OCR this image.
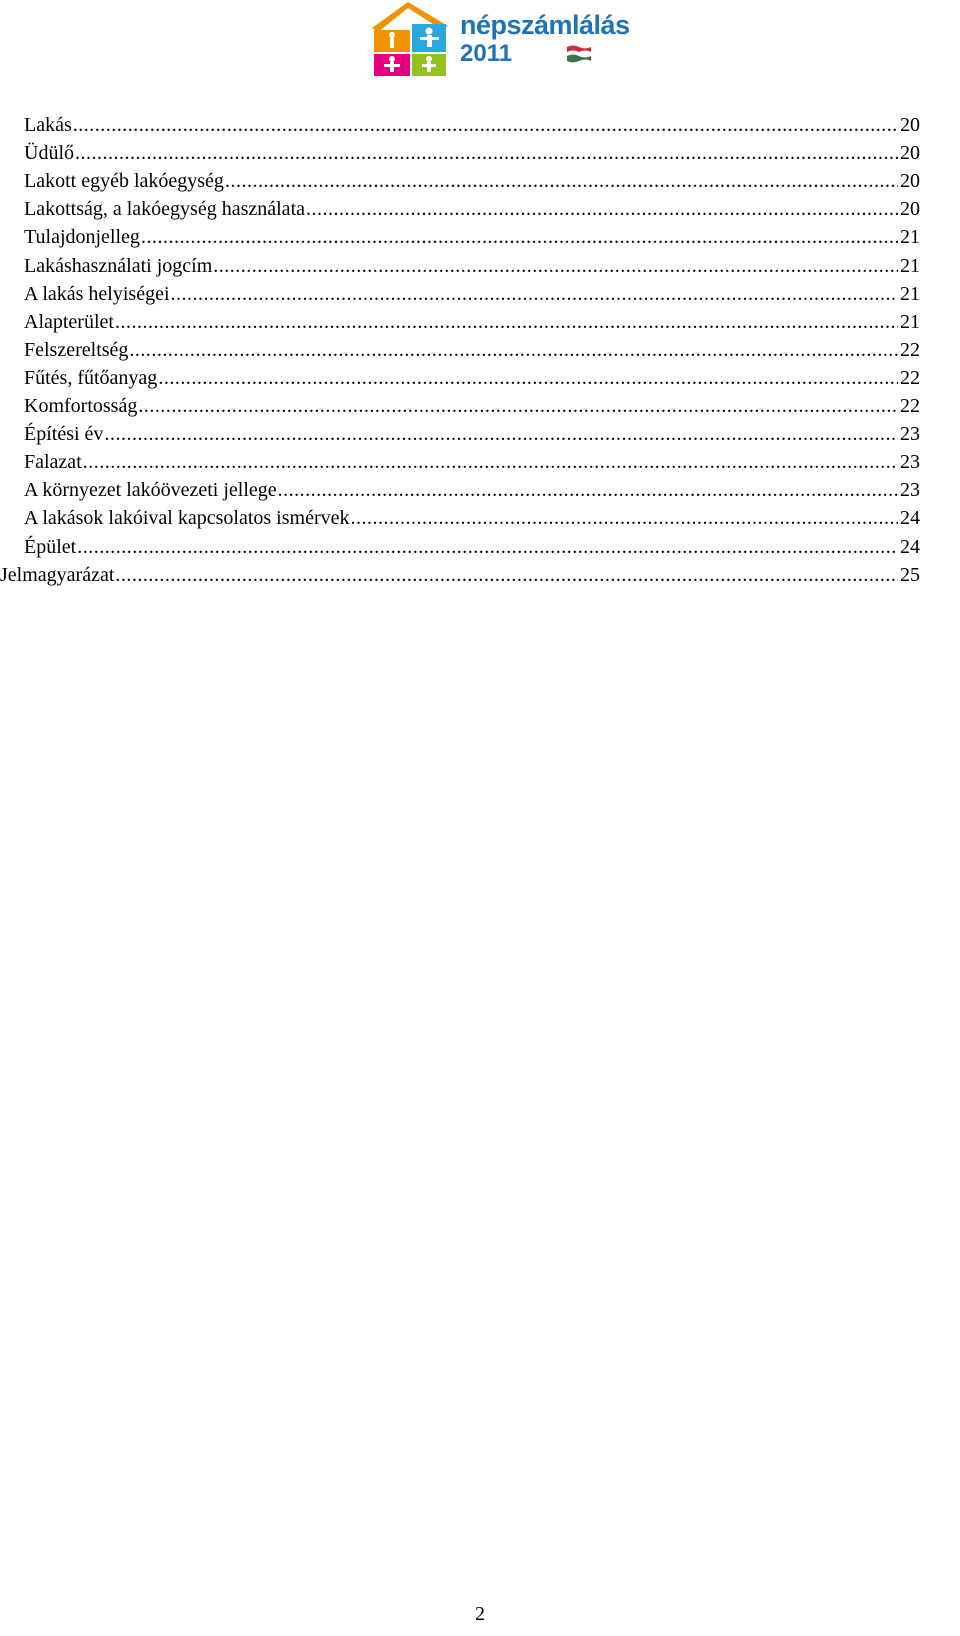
népszámlálás
2011
Lakás .....	20
Üdülő .....	20
Lakott egyéb lakóegység .....	20
Lakottság, a lakóegység használata .....	20
Tulajdonjelleg .....	21
Lakáshasználati jogcím .....	21
A lakás helyiségei .....	21
Alapterület .....	21
Felszereltség .....	22
Fűtés, fűtőanyag .....	22
Komfortosság .....	22
Építési év .....	23
Falazat .....	23
A környezet lakóövezeti jellege .....	23
A lakások lakóival kapcsolatos ismérvek .....	24
Épület .....	24
Jelmagyarázat .....	25
2
